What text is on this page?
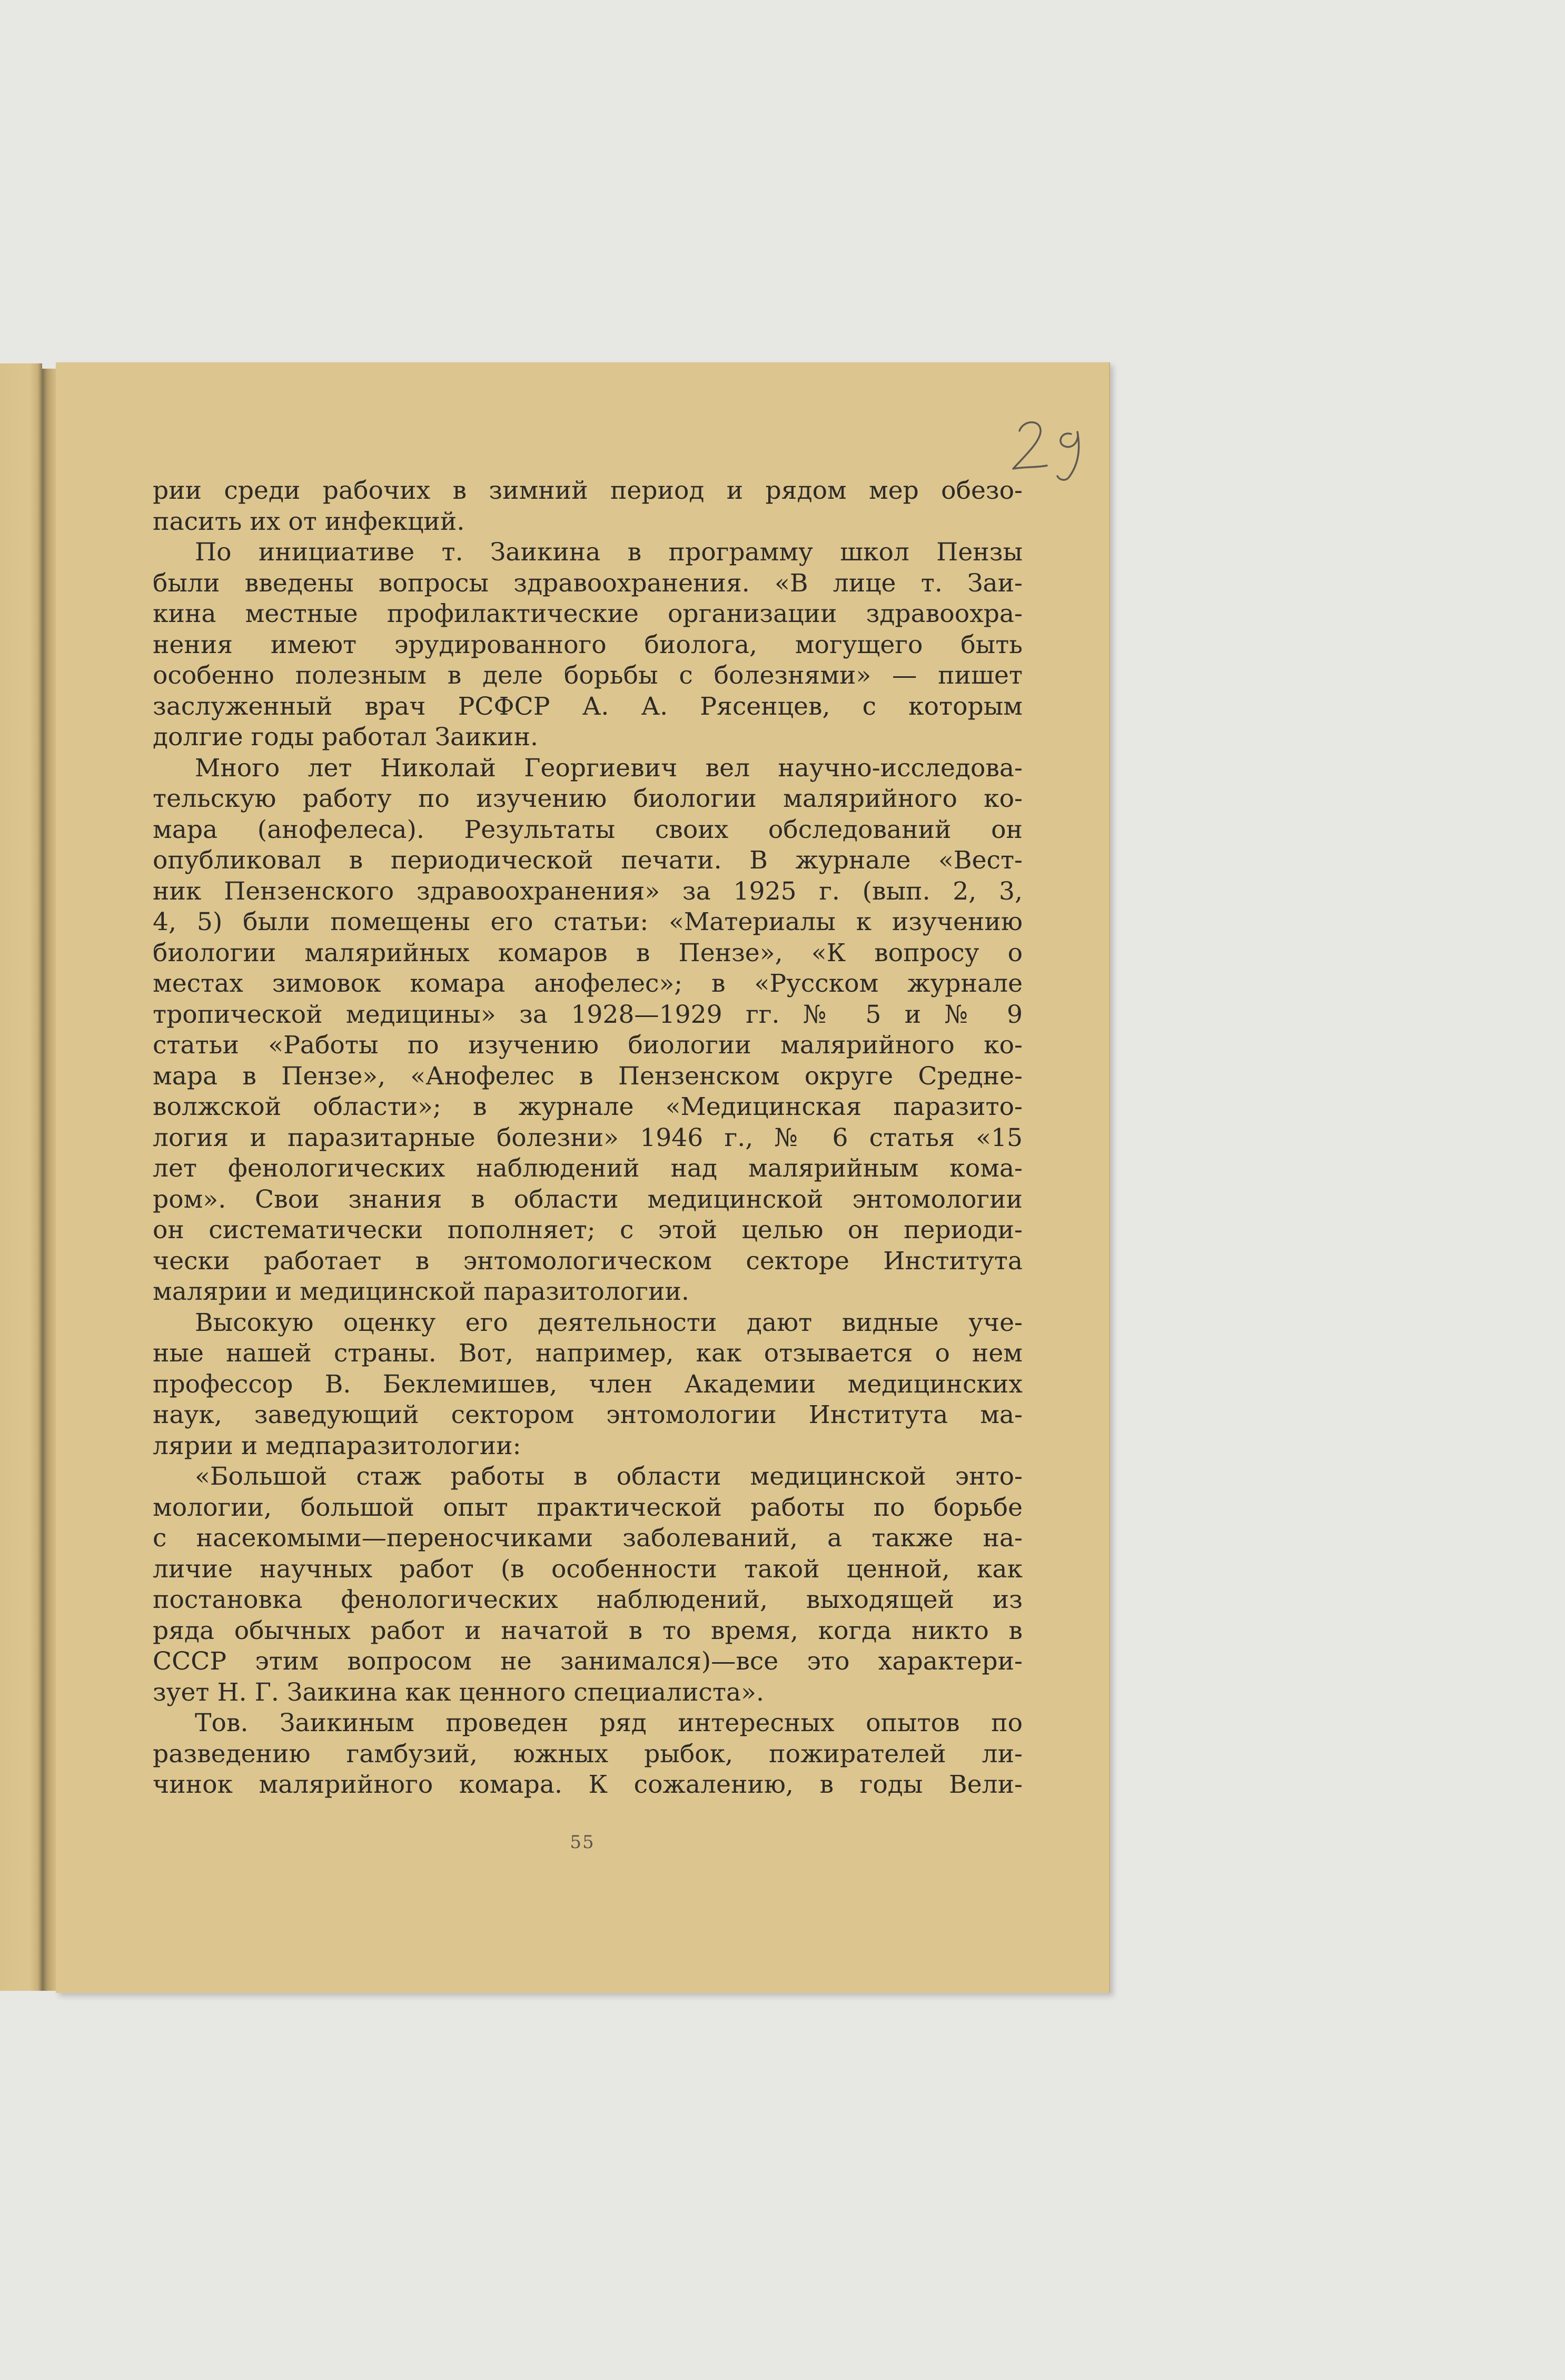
рии среди рабочих в зимний период и рядом мер обезо-

пасить их от инфекций.

По инициативе т. Заикина в программу школ Пензы

были введены вопросы здравоохранения. «В лице т. Заи-

кина местные профилактические организации здравоохра-

нения имеют эрудированного биолога, могущего быть

особенно полезным в деле борьбы с болезнями» — пишет

заслуженный врач РСФСР А. А. Рясенцев, с которым

долгие годы работал Заикин.

Много лет Николай Георгиевич вел научно-исследова-

тельскую работу по изучению биологии малярийного ко-

мара (анофелеса). Результаты своих обследований он

опубликовал в периодической печати. В журнале «Вест-

ник Пензенского здравоохранения» за 1925 г. (вып. 2, 3,

4, 5) были помещены его статьи: «Материалы к изучению

биологии малярийных комаров в Пензе», «К вопросу о

местах зимовок комара анофелес»; в «Русском журнале

тропической медицины» за 1928—1929 гг. № 5 и № 9

статьи «Работы по изучению биологии малярийного ко-

мара в Пензе», «Анофелес в Пензенском округе Средне-

волжской области»; в журнале «Медицинская паразито-

логия и паразитарные болезни» 1946 г., № 6 статья «15

лет фенологических наблюдений над малярийным кома-

ром». Свои знания в области медицинской энтомологии

он систематически пополняет; с этой целью он периоди-

чески работает в энтомологическом секторе Института

малярии и медицинской паразитологии.

Высокую оценку его деятельности дают видные уче-

ные нашей страны. Вот, например, как отзывается о нем

профессор В. Беклемишев, член Академии медицинских

наук, заведующий сектором энтомологии Института ма-

лярии и медпаразитологии:

«Большой стаж работы в области медицинской энто-

мологии, большой опыт практической работы по борьбе

с насекомыми—переносчиками заболеваний, а также на-

личие научных работ (в особенности такой ценной, как

постановка фенологических наблюдений, выходящей из

ряда обычных работ и начатой в то время, когда никто в

СССР этим вопросом не занимался)—все это характери-

зует Н. Г. Заикина как ценного специалиста».

Тов. Заикиным проведен ряд интересных опытов по

разведению гамбузий, южных рыбок, пожирателей ли-

чинок малярийного комара. К сожалению, в годы Вели-

55
